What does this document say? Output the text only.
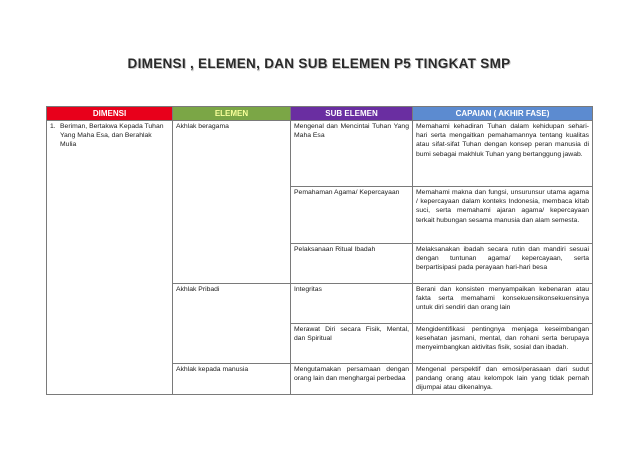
DIMENSI , ELEMEN, DAN SUB ELEMEN P5 TINGKAT SMP
DIMENSI	ELEMEN	SUB ELEMEN	CAPAIAN ( AKHIR FASE)

1. Beriman, Bertakwa Kepada Tuhan Yang Maha Esa, dan Berahlak Mulia	Akhlak beragama	Mengenal dan Mencintai Tuhan Yang Maha Esa	Memahami kehadiran Tuhan dalam kehidupan sehari-hari serta mengaitkan pemahamannya tentang kualitas atau sifat-sifat Tuhan dengan konsep peran manusia di bumi sebagai makhluk Tuhan yang bertanggung jawab.
		Pemahaman Agama/ Kepercayaan	Memahami makna dan fungsi, unsurunsur utama agama / kepercayaan dalam konteks Indonesia, membaca kitab suci, serta memahami ajaran agama/ kepercayaan terkait hubungan sesama manusia dan alam semesta.
		Pelaksanaan Ritual Ibadah	Melaksanakan ibadah secara rutin dan mandiri sesuai dengan tuntunan agama/ kepercayaan, serta berpartisipasi pada perayaan hari-hari besa
	Akhlak Pribadi	Integritas	Berani dan konsisten menyampaikan kebenaran atau fakta serta memahami konsekuensikonsekuensinya untuk diri sendiri dan orang lain
		Merawat Diri secara Fisik, Mental, dan Spiritual	Mengidentifikasi pentingnya menjaga keseimbangan kesehatan jasmani, mental, dan rohani serta berupaya menyeimbangkan aktivitas fisik, sosial dan ibadah.
	Akhlak kepada manusia	Mengutamakan persamaan dengan orang lain dan menghargai perbedaa	Mengenal perspektif dan emosi/perasaan dari sudut pandang orang atau kelompok lain yang tidak pernah dijumpai atau dikenalnya.
